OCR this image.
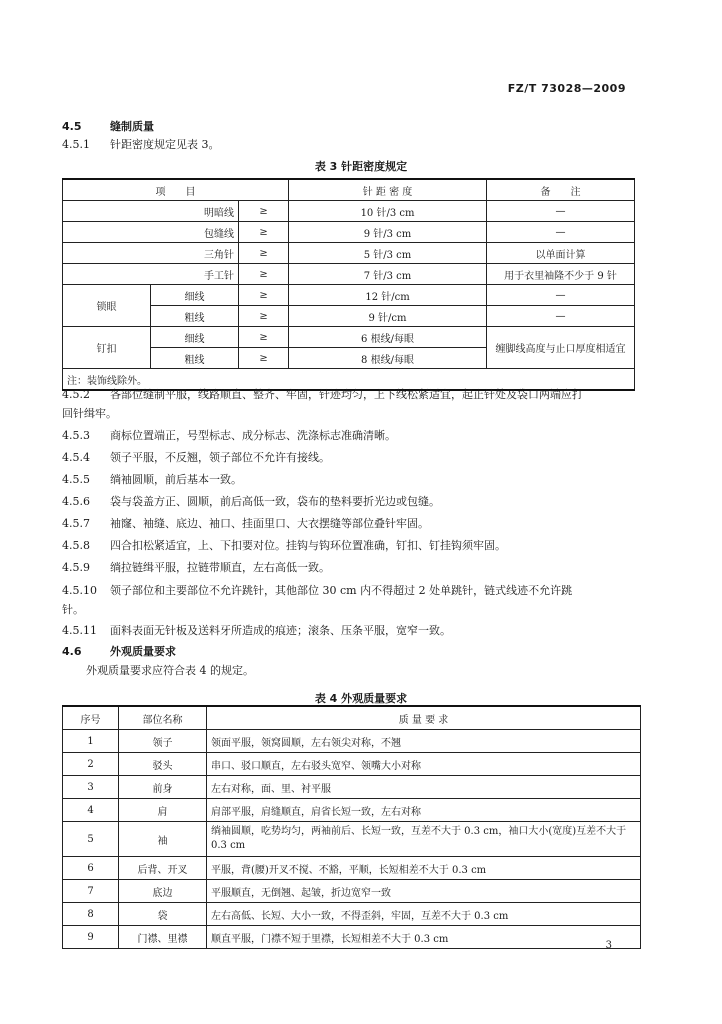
FZ/T 73028—2009
4.5	缝制质量
4.5.1 针距密度规定见表 3。
表 3 针距密度规定
项　　目			针 距 密 度	备　　注
明暗线		≥	10 针/3 cm	—
包缝线		≥	9 针/3 cm	—
三角针		≥	5 针/3 cm	以单面计算
手工针		≥	7 针/3 cm	用于衣里袖隆不少于 9 针
锁眼	细线	≥	12 针/cm	—
	粗线	≥	9 针/cm	—
钉扣	细线	≥	6 根线/每眼	缠脚线高度与止口厚度相适宜
	粗线	≥	8 根线/每眼	
注：装饰线除外。				
4.5.2 各部位缝制平服，线路顺直、整齐、牢固，针迹均匀，上下线松紧适宜，起止针处及袋口两端应打
回针缉牢。
4.5.3 商标位置端正，号型标志、成分标志、洗涤标志准确清晰。
4.5.4 领子平服，不反翘，领子部位不允许有接线。
4.5.5 绱袖圆顺，前后基本一致。
4.5.6 袋与袋盖方正、圆顺，前后高低一致，袋布的垫料要折光边或包缝。
4.5.7 袖窿、袖缝、底边、袖口、挂面里口、大衣摆缝等部位叠针牢固。
4.5.8 四合扣松紧适宜，上、下扣要对位。挂钩与钩环位置准确，钉扣、钉挂钩须牢固。
4.5.9 绱拉链缉平服，拉链带顺直，左右高低一致。
4.5.10 领子部位和主要部位不允许跳针，其他部位 30 cm 内不得超过 2 处单跳针，链式线迹不允许跳
针。
4.5.11 面料表面无针板及送料牙所造成的痕迹；滚条、压条平服，宽窄一致。
4.6	外观质量要求
外观质量要求应符合表 4 的规定。
序号	部位名称	质 量 要 求
1	领子	领面平服，领窝圆顺，左右领尖对称，不翘
2	驳头	串口、驳口顺直，左右驳头宽窄、领嘴大小对称
3	前身	左右对称，面、里、衬平服
4	肩	肩部平服，肩缝顺直，肩省长短一致，左右对称
5	袖	绱袖圆顺，吃势均匀，两袖前后、长短一致，互差不大于 0.3 cm，袖口大小(宽度)互差不大于 0.3 cm
6	后背、开叉	平服，背(腰)开叉不搅、不豁，平顺，长短相差不大于 0.3 cm
7	底边	平服顺直，无倒翘、起皱，折边宽窄一致
8	袋	左右高低、长短、大小一致，不得歪斜，牢固，互差不大于 0.3 cm
9	门襟、里襟	顺直平服，门襟不短于里襟，长短相差不大于 0.3 cm
表 4 外观质量要求
3
